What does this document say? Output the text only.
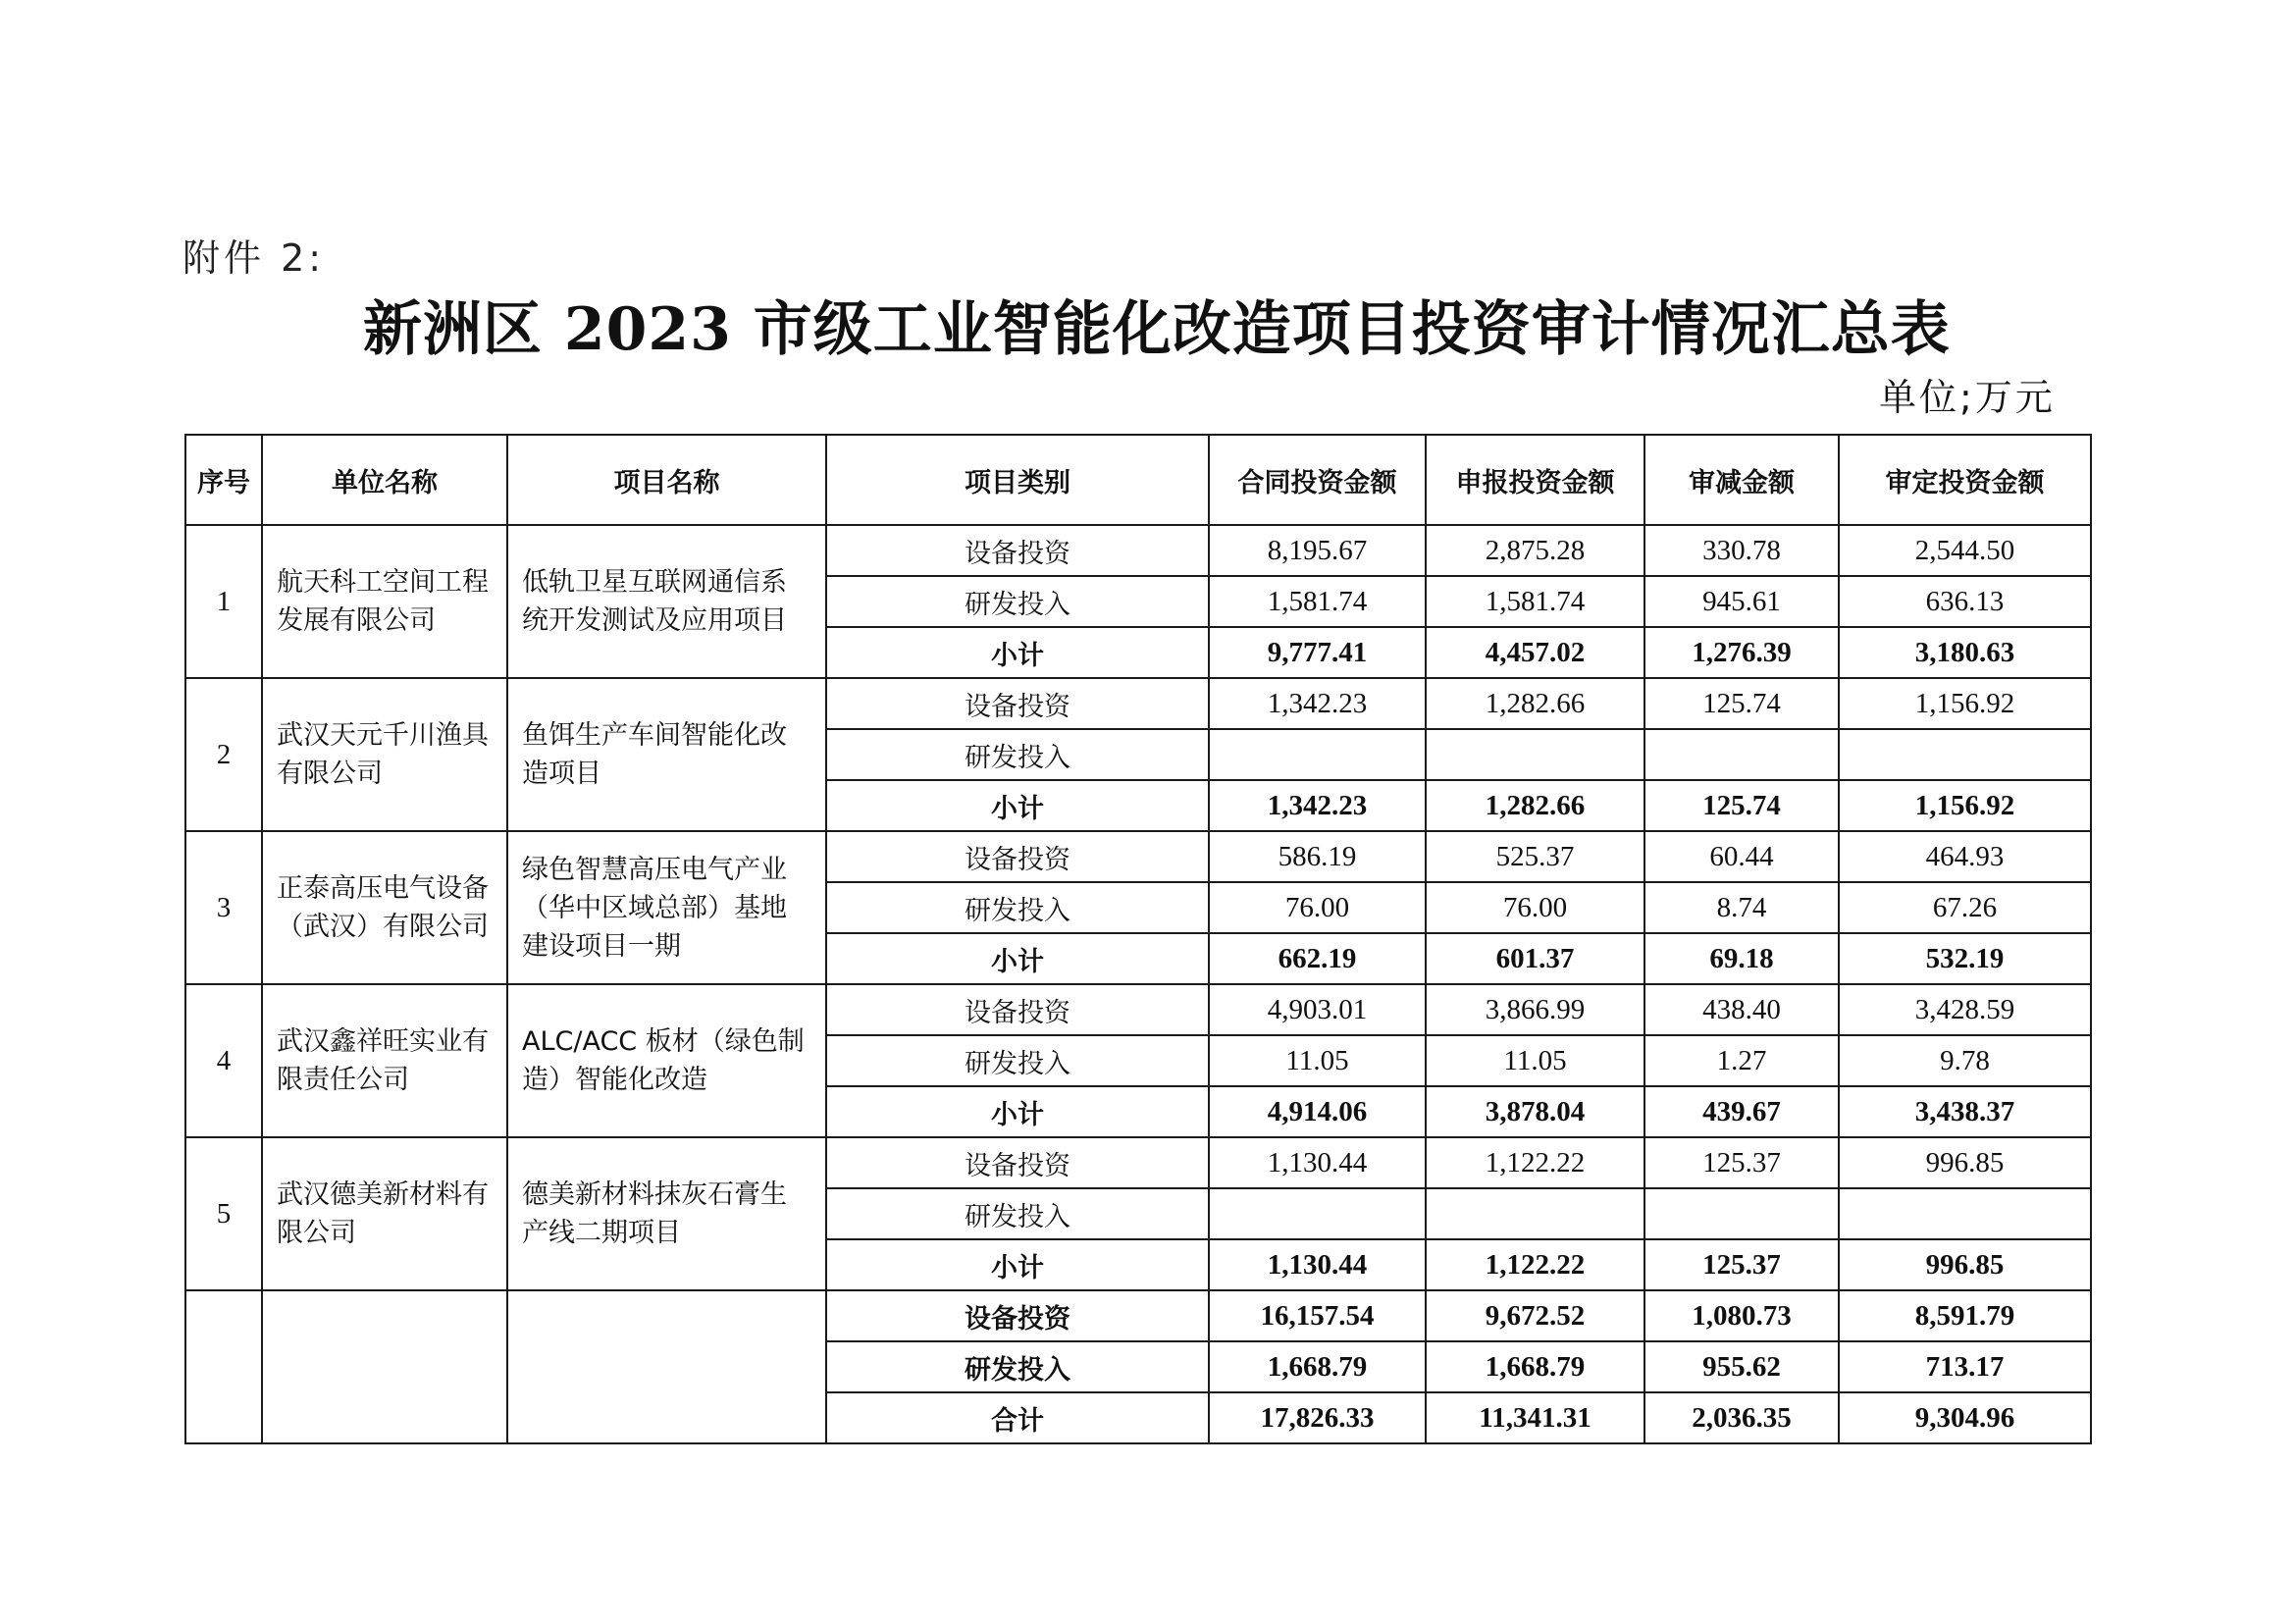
附件 2:
新洲区 2023 市级工业智能化改造项目投资审计情况汇总表
单位;万元
序号	单位名称	项目名称	项目类别	合同投资金额	申报投资金额	审减金额	审定投资金额
1	航天科工空间工程发展有限公司	低轨卫星互联网通信系统开发测试及应用项目	设备投资	8,195.67	2,875.28	330.78	2,544.50
			研发投入	1,581.74	1,581.74	945.61	636.13
			小计	9,777.41	4,457.02	1,276.39	3,180.63
2	武汉天元千川渔具有限公司	鱼饵生产车间智能化改造项目	设备投资	1,342.23	1,282.66	125.74	1,156.92
			研发投入				
			小计	1,342.23	1,282.66	125.74	1,156.92
3	正泰高压电气设备（武汉）有限公司	绿色智慧高压电气产业（华中区域总部）基地建设项目一期	设备投资	586.19	525.37	60.44	464.93
			研发投入	76.00	76.00	8.74	67.26
			小计	662.19	601.37	69.18	532.19
4	武汉鑫祥旺实业有限责任公司	ALC/ACC 板材（绿色制造）智能化改造	设备投资	4,903.01	3,866.99	438.40	3,428.59
			研发投入	11.05	11.05	1.27	9.78
			小计	4,914.06	3,878.04	439.67	3,438.37
5	武汉德美新材料有限公司	德美新材料抹灰石膏生产线二期项目	设备投资	1,130.44	1,122.22	125.37	996.85
			研发投入				
			小计	1,130.44	1,122.22	125.37	996.85
			设备投资	16,157.54	9,672.52	1,080.73	8,591.79
			研发投入	1,668.79	1,668.79	955.62	713.17
			合计	17,826.33	11,341.31	2,036.35	9,304.96
